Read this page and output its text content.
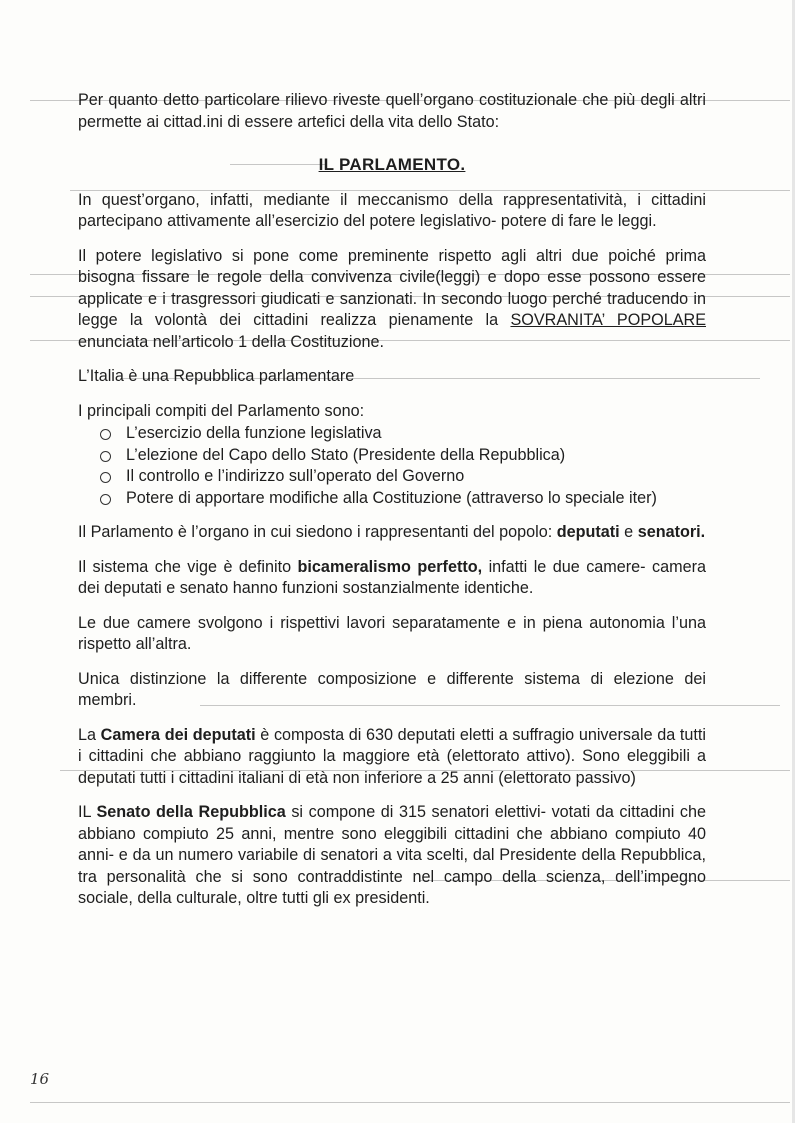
Per quanto detto particolare rilievo riveste quell’organo costituzionale che più degli altri permette ai cittad.ini di essere artefici della vita dello Stato:

IL PARLAMENTO.

In quest’organo, infatti, mediante il meccanismo della rappresentatività, i cittadini partecipano attivamente all’esercizio del potere legislativo- potere di fare le leggi.

Il potere legislativo si pone come preminente rispetto agli altri due poiché prima bisogna fissare le regole della convivenza civile(leggi) e dopo esse possono essere applicate e i trasgressori giudicati e sanzionati. In secondo luogo perché traducendo in legge la volontà dei cittadini realizza pienamente la SOVRANITA’ POPOLARE enunciata nell’articolo 1 della Costituzione.

L’Italia è una Repubblica parlamentare

I principali compiti del Parlamento sono:

L’esercizio della funzione legislativa
L’elezione del Capo dello Stato (Presidente della Repubblica)
Il controllo e l’indirizzo sull’operato del Governo
Potere di apportare modifiche alla Costituzione (attraverso lo speciale iter)

Il Parlamento è l’organo in cui siedono i rappresentanti del popolo: deputati e senatori.

Il sistema che vige è definito bicameralismo perfetto, infatti le due camere- camera dei deputati e senato hanno funzioni sostanzialmente identiche.

Le due camere svolgono i rispettivi lavori separatamente e in piena autonomia l’una rispetto all’altra.

Unica distinzione la differente composizione e differente sistema di elezione dei membri.

La Camera dei deputati è composta di 630 deputati eletti a suffragio universale da tutti i cittadini che abbiano raggiunto la maggiore età (elettorato attivo). Sono eleggibili a deputati tutti i cittadini italiani di età non inferiore a 25 anni (elettorato passivo)

IL Senato della Repubblica si compone di 315 senatori elettivi- votati da cittadini che abbiano compiuto 25 anni, mentre sono eleggibili cittadini che abbiano compiuto 40 anni- e da un numero variabile di senatori a vita scelti, dal Presidente della Repubblica, tra personalità che si sono contraddistinte nel campo della scienza, dell’impegno sociale, della culturale, oltre tutti gli ex presidenti.

16
